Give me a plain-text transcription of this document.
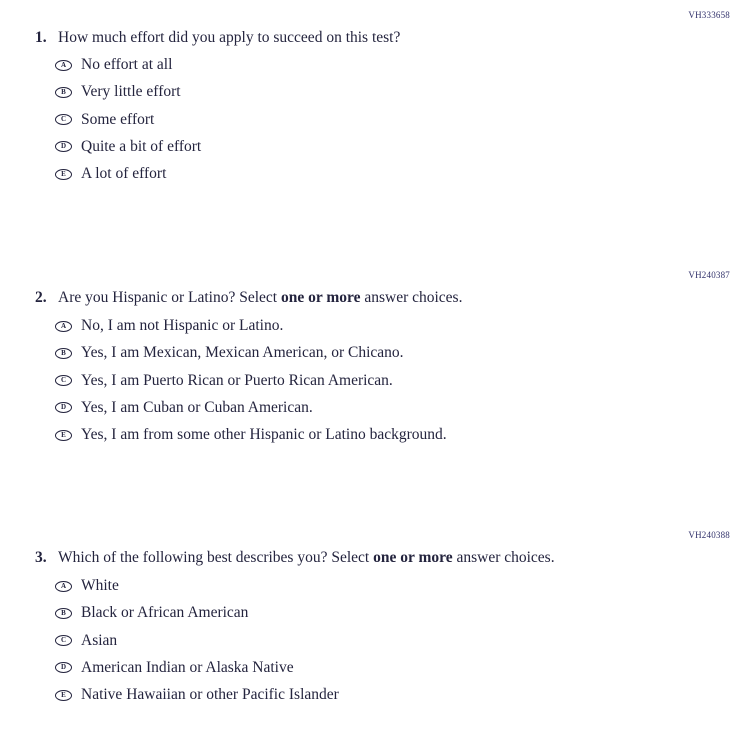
VH333658
1. How much effort did you apply to succeed on this test?
A No effort at all
B Very little effort
C Some effort
D Quite a bit of effort
E A lot of effort
VH240387
2. Are you Hispanic or Latino? Select one or more answer choices.
A No, I am not Hispanic or Latino.
B Yes, I am Mexican, Mexican American, or Chicano.
C Yes, I am Puerto Rican or Puerto Rican American.
D Yes, I am Cuban or Cuban American.
E Yes, I am from some other Hispanic or Latino background.
VH240388
3. Which of the following best describes you? Select one or more answer choices.
A White
B Black or African American
C Asian
D American Indian or Alaska Native
E Native Hawaiian or other Pacific Islander
